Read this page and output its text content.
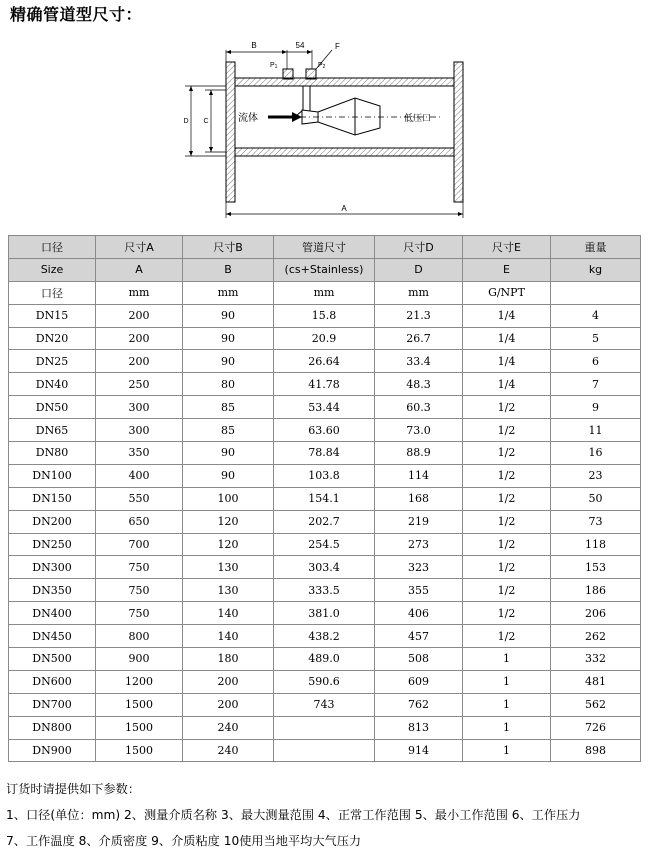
精确管道型尺寸：
B	54	F
P1	P2
D C
A
流体	低压口
口径	尺寸A	尺寸B	管道尺寸	尺寸D	尺寸E	重量
Size	A	B	(cs+Stainless)	D	E	kg
口径	mm	mm	mm	mm	G/NPT	
DN15	200	90	15.8	21.3	1/4	4
DN20	200	90	20.9	26.7	1/4	5
DN25	200	90	26.64	33.4	1/4	6
DN40	250	80	41.78	48.3	1/4	7
DN50	300	85	53.44	60.3	1/2	9
DN65	300	85	63.60	73.0	1/2	11
DN80	350	90	78.84	88.9	1/2	16
DN100	400	90	103.8	114	1/2	23
DN150	550	100	154.1	168	1/2	50
DN200	650	120	202.7	219	1/2	73
DN250	700	120	254.5	273	1/2	118
DN300	750	130	303.4	323	1/2	153
DN350	750	130	333.5	355	1/2	186
DN400	750	140	381.0	406	1/2	206
DN450	800	140	438.2	457	1/2	262
DN500	900	180	489.0	508	1	332
DN600	1200	200	590.6	609	1	481
DN700	1500	200	743	762	1	562
DN800	1500	240		813	1	726
DN900	1500	240		914	1	898
订货时请提供如下参数：
1、口径(单位：mm) 2、测量介质名称 3、最大测量范围 4、正常工作范围 5、最小工作范围 6、工作压力
7、工作温度 8、介质密度 9、介质粘度 10使用当地平均大气压力
